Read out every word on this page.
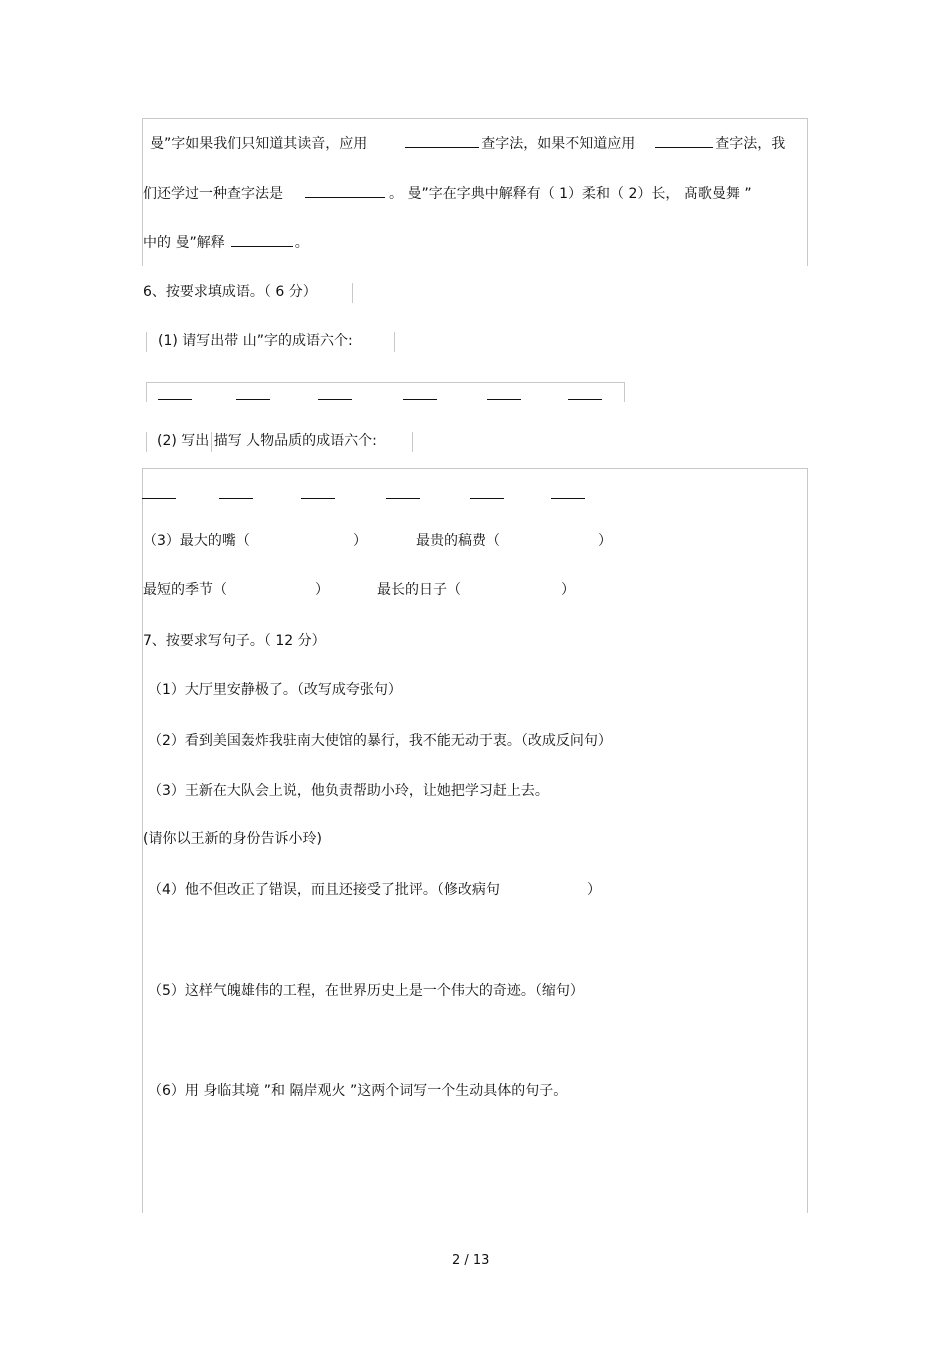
曼”字如果我们只知道其读音，应用	查字法，如果不知道应用	查字法，我
们还学过一种查字法是	。 曼”字在字典中解释有（ 1）柔和（ 2）长， 髙歌曼舞 ”
中的 曼”解释	。
6、按要求填成语。（ 6 分）
(1) 请写出带 山”字的成语六个:
(2) 写出 描写 人物品质的成语六个:
（3）最大的嘴（	）	最贵的稿费（	）
最短的季节（	）	最长的日子（	）
7、按要求写句子。（ 12 分）
（1）大厅里安静极了。（改写成夸张句）
（2）看到美国轰炸我驻南大使馆的暴行，我不能无动于衷。（改成反问句）
（3）王新在大队会上说，他负责帮助小玲，让她把学习赶上去。
(请你以王新的身份告诉小玲)
（4）他不但改正了错误，而且还接受了批评。（修改病句	）
（5）这样气魄雄伟的工程，在世界历史上是一个伟大的奇迹。（缩句）
（6）用 身临其境 ”和 隔岸观火 ”这两个词写一个生动具体的句子。
2 / 13
